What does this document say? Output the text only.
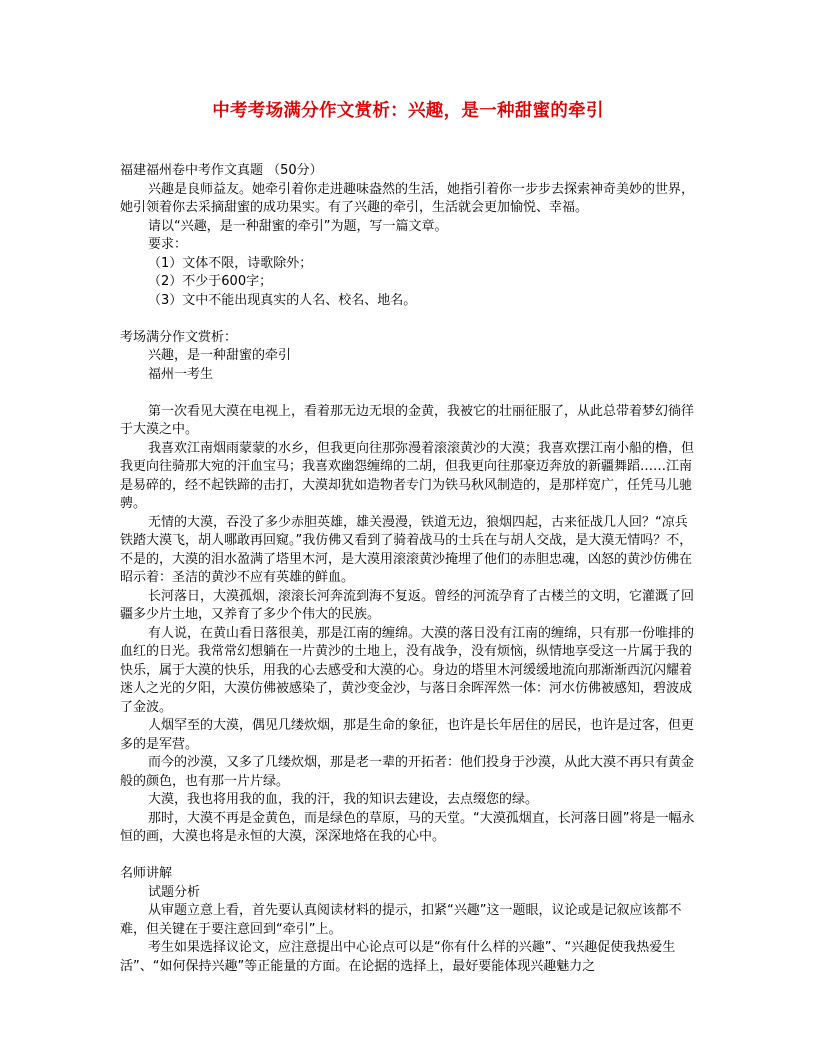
中考考场满分作文赏析：兴趣，是一种甜蜜的牵引

福建福州卷中考作文真题 （50分）

兴趣是良师益友。她牵引着你走进趣味盎然的生活，她指引着你一步步去探索神奇美妙的世界，她引领着你去采摘甜蜜的成功果实。有了兴趣的牵引，生活就会更加愉悦、幸福。

请以“兴趣，是一种甜蜜的牵引”为题，写一篇文章。

要求：

（1）文体不限，诗歌除外；

（2）不少于600字；

（3）文中不能出现真实的人名、校名、地名。

考场满分作文赏析：

兴趣，是一种甜蜜的牵引

福州一考生

第一次看见大漠在电视上，看着那无边无垠的金黄，我被它的壮丽征服了，从此总带着梦幻徜徉于大漠之中。

我喜欢江南烟雨蒙蒙的水乡，但我更向往那弥漫着滚滚黄沙的大漠；我喜欢摆江南小船的橹，但我更向往骑那大宛的汗血宝马；我喜欢幽怨缠绵的二胡，但我更向往那豪迈奔放的新疆舞蹈……江南是易碎的，经不起铁蹄的击打，大漠却犹如造物者专门为铁马秋风制造的，是那样宽广，任凭马儿驰骋。

无情的大漠，吞没了多少赤胆英雄，雄关漫漫，铁道无边，狼烟四起，古来征战几人回？“凉兵铁踏大漠飞，胡人哪敢再回窥。”我仿佛又看到了骑着战马的士兵在与胡人交战，是大漠无情吗？不，不是的，大漠的泪水盈满了塔里木河，是大漠用滚滚黄沙掩埋了他们的赤胆忠魂，凶怒的黄沙仿佛在昭示着：圣洁的黄沙不应有英雄的鲜血。

长河落日，大漠孤烟，滚滚长河奔流到海不复返。曾经的河流孕育了古楼兰的文明，它灌溉了回疆多少片土地，又养育了多少个伟大的民族。

有人说，在黄山看日落很美，那是江南的缠绵。大漠的落日没有江南的缠绵，只有那一份唯排的血红的日光。我常常幻想躺在一片黄沙的土地上，没有战争，没有烦恼，纵情地享受这一片属于我的快乐，属于大漠的快乐，用我的心去感受和大漠的心。身边的塔里木河缓缓地流向那渐渐西沉闪耀着迷人之光的夕阳，大漠仿佛被感染了，黄沙变金沙，与落日余晖浑然一体：河水仿佛被感知，碧波成了金波。

人烟罕至的大漠，偶见几缕炊烟，那是生命的象征，也许是长年居住的居民，也许是过客，但更多的是军营。

而今的沙漠，又多了几缕炊烟，那是老一辈的开拓者：他们投身于沙漠，从此大漠不再只有黄金般的颜色，也有那一片片绿。

大漠，我也将用我的血，我的汗，我的知识去建设，去点缀您的绿。

那时，大漠不再是金黄色，而是绿色的草原，马的天堂。“大漠孤烟直，长河落日圆”将是一幅永恒的画，大漠也将是永恒的大漠，深深地烙在我的心中。

名师讲解

试题分析

从审题立意上看，首先要认真阅读材料的提示，扣紧“兴趣”这一题眼，议论或是记叙应该都不难，但关键在于要注意回到“牵引”上。

考生如果选择议论文，应注意提出中心论点可以是“你有什么样的兴趣”、“兴趣促使我热爱生活”、“如何保持兴趣”等正能量的方面。在论据的选择上，最好要能体现兴趣魅力之
